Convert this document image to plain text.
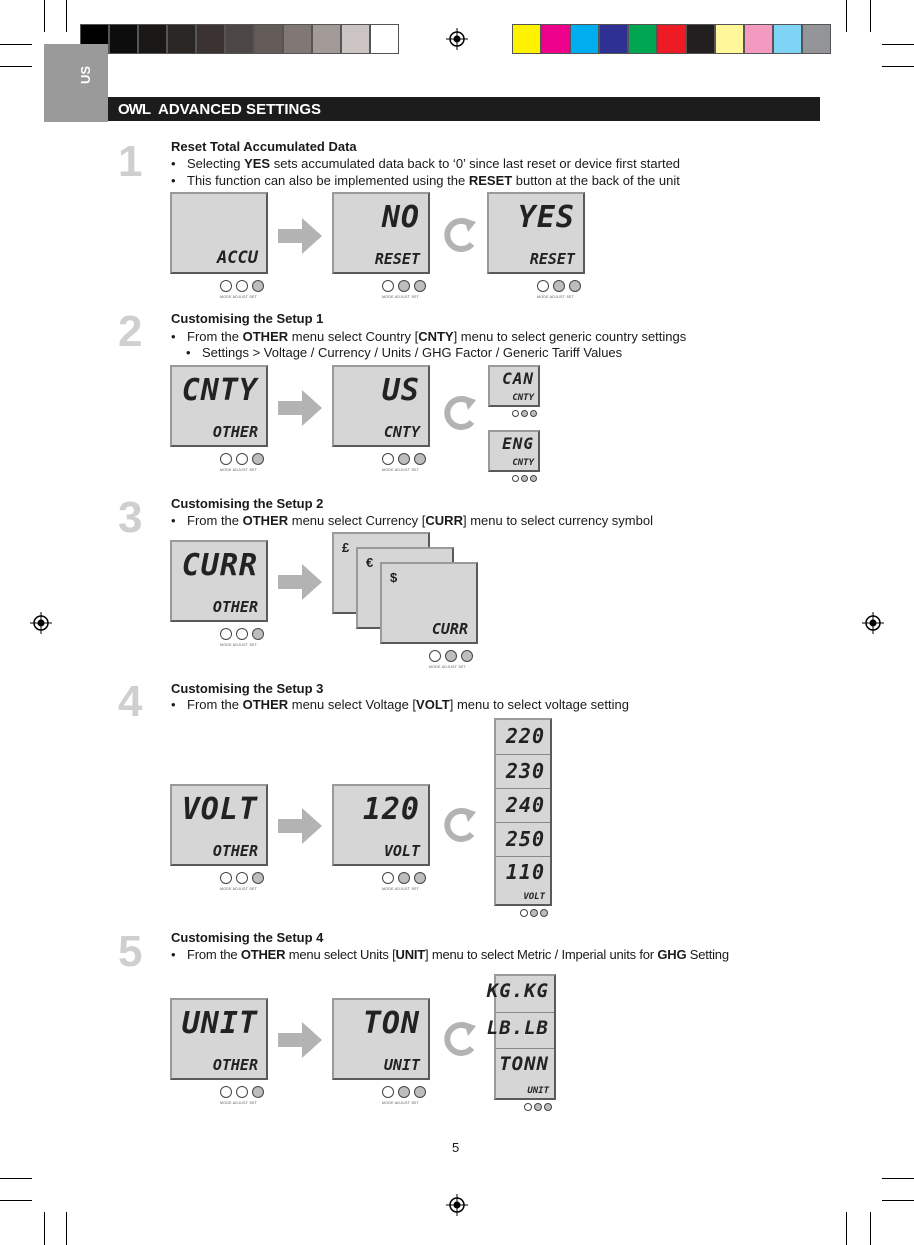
US
OWL ADVANCED SETTINGS
1 Reset Total Accumulated Data
• Selecting YES sets accumulated data back to ‘0’ since last reset or device first started
• This function can also be implemented using the RESET button at the back of the unit
ACCU
MODE ADJUST SET
NO
RESET
MODE ADJUST SET
YES
RESET
MODE ADJUST SET
2 Customising the Setup 1
• From the OTHER menu select Country [CNTY] menu to select generic country settings
• Settings > Voltage / Currency / Units / GHG Factor / Generic Tariff Values
CNTY
OTHER
MODE ADJUST SET
US
CNTY
MODE ADJUST SET
CAN
CNTY
ENG
CNTY
3 Customising the Setup 2
• From the OTHER menu select Currency [CURR] menu to select currency symbol
CURR
OTHER
MODE ADJUST SET
£
€
$
CURR
MODE ADJUST SET
4 Customising the Setup 3
• From the OTHER menu select Voltage [VOLT] menu to select voltage setting
VOLT
OTHER
MODE ADJUST SET
120
VOLT
MODE ADJUST SET
220
230
240
250
110
VOLT
5 Customising the Setup 4
• From the OTHER menu select Units [UNIT] menu to select Metric / Imperial units for GHG Setting
UNIT
OTHER
MODE ADJUST SET
TON
UNIT
MODE ADJUST SET
KG.KG
LB.LB
TONN
UNIT
5
